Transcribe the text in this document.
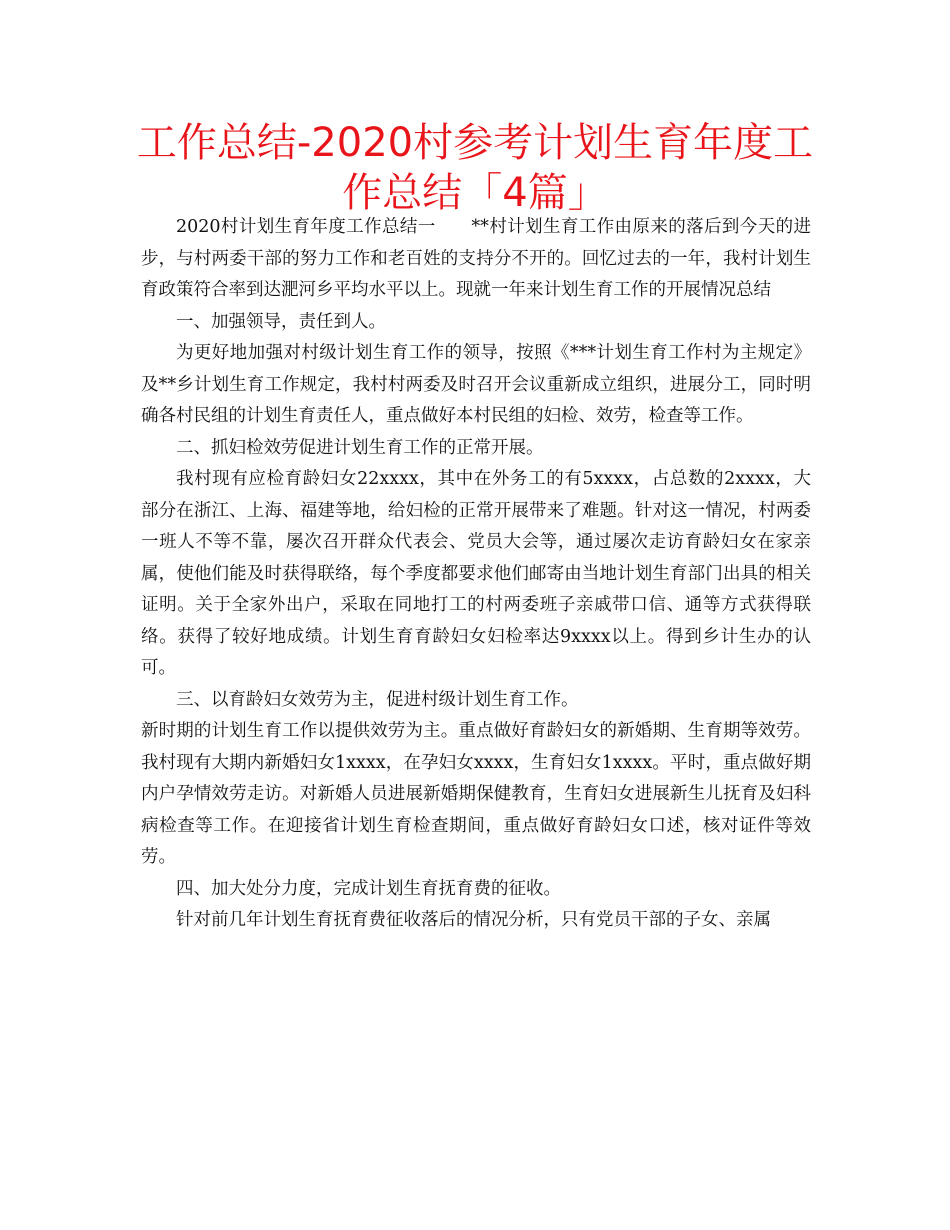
工作总结-2020村参考计划生育年度工作总结「4篇」

2020村计划生育年度工作总结一　　**村计划生育工作由原来的落后到今天的进步，与村两委干部的努力工作和老百姓的支持分不开的。回忆过去的一年，我村计划生育政策符合率到达淝河乡平均水平以上。现就一年来计划生育工作的开展情况总结

一、加强领导，责任到人。

为更好地加强对村级计划生育工作的领导，按照《***计划生育工作村为主规定》及**乡计划生育工作规定，我村村两委及时召开会议重新成立组织，进展分工，同时明确各村民组的计划生育责任人，重点做好本村民组的妇检、效劳，检查等工作。

二、抓妇检效劳促进计划生育工作的正常开展。

我村现有应检育龄妇女22xxxx，其中在外务工的有5xxxx，占总数的2xxxx，大部分在浙江、上海、福建等地，给妇检的正常开展带来了难题。针对这一情况，村两委一班人不等不靠，屡次召开群众代表会、党员大会等，通过屡次走访育龄妇女在家亲属，使他们能及时获得联络，每个季度都要求他们邮寄由当地计划生育部门出具的相关证明。关于全家外出户，采取在同地打工的村两委班子亲戚带口信、通等方式获得联络。获得了较好地成绩。计划生育育龄妇女妇检率达9xxxx以上。得到乡计生办的认可。

三、以育龄妇女效劳为主，促进村级计划生育工作。

新时期的计划生育工作以提供效劳为主。重点做好育龄妇女的新婚期、生育期等效劳。我村现有大期内新婚妇女1xxxx，在孕妇女xxxx，生育妇女1xxxx。平时，重点做好期内户孕情效劳走访。对新婚人员进展新婚期保健教育，生育妇女进展新生儿抚育及妇科病检查等工作。在迎接省计划生育检查期间，重点做好育龄妇女口述，核对证件等效劳。

四、加大处分力度，完成计划生育抚育费的征收。

针对前几年计划生育抚育费征收落后的情况分析，只有党员干部的子女、亲属
